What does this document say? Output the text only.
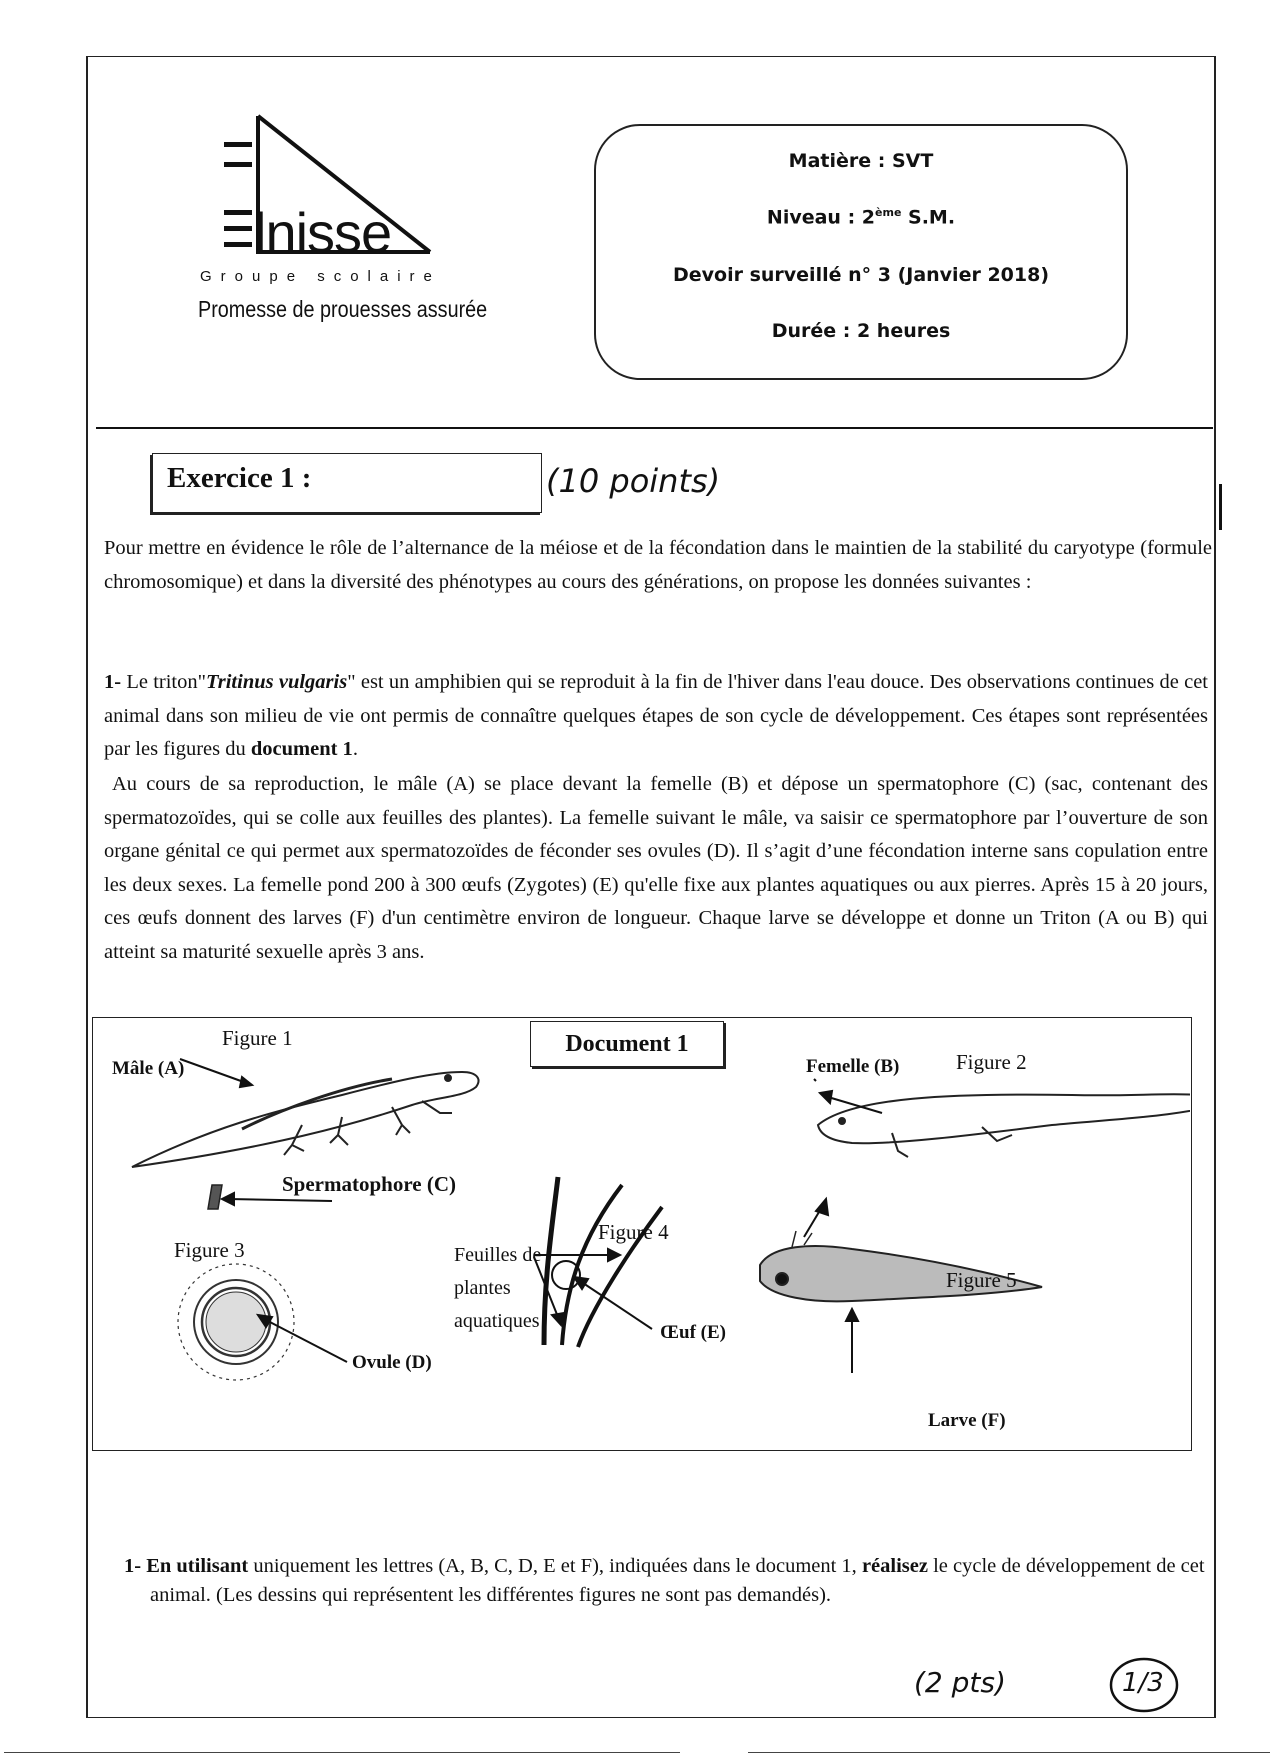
lnisse
Groupe scolaire
Promesse de prouesses assurée
Matière : SVT
Niveau : 2ème S.M.
Devoir surveillé n° 3 (Janvier 2018)
Durée : 2 heures
Exercice 1 :	(10 points)
Pour mettre en évidence le rôle de l’alternance de la méiose et de la fécondation dans le maintien de la stabilité du caryotype (formule chromosomique) et dans la diversité des phénotypes au cours des générations, on propose les données suivantes :
1- Le triton"Tritinus vulgaris" est un amphibien qui se reproduit à la fin de l'hiver dans l'eau douce. Des observations continues de cet animal dans son milieu de vie ont permis de connaître quelques étapes de son cycle de développement. Ces étapes sont représentées par les figures du document 1.
Au cours de sa reproduction, le mâle (A) se place devant la femelle (B) et dépose un spermatophore (C) (sac, contenant des spermatozoïdes, qui se colle aux feuilles des plantes). La femelle suivant le mâle, va saisir ce spermatophore par l’ouverture de son organe génital ce qui permet aux spermatozoïdes de féconder ses ovules (D). Il s’agit d’une fécondation interne sans copulation entre les deux sexes. La femelle pond 200 à 300 œufs (Zygotes) (E) qu'elle fixe aux plantes aquatiques ou aux pierres. Après 15 à 20 jours, ces œufs donnent des larves (F) d'un centimètre environ de longueur. Chaque larve se développe et donne un Triton (A ou B) qui atteint sa maturité sexuelle après 3 ans.
Document 1
Figure 1
Mâle (A)
Spermatophore (C)
Figure 2
Femelle (B)
Figure 3
Ovule (D)
Figure 4
Feuilles de
plantes
aquatiques
Œuf (E)
Figure 5
Larve (F)
1- En utilisant uniquement les lettres (A, B, C, D, E et F), indiquées dans le document 1, réalisez le cycle de développement de cet animal. (Les dessins qui représentent les différentes figures ne sont pas demandés).
(2 pts)	1/3
